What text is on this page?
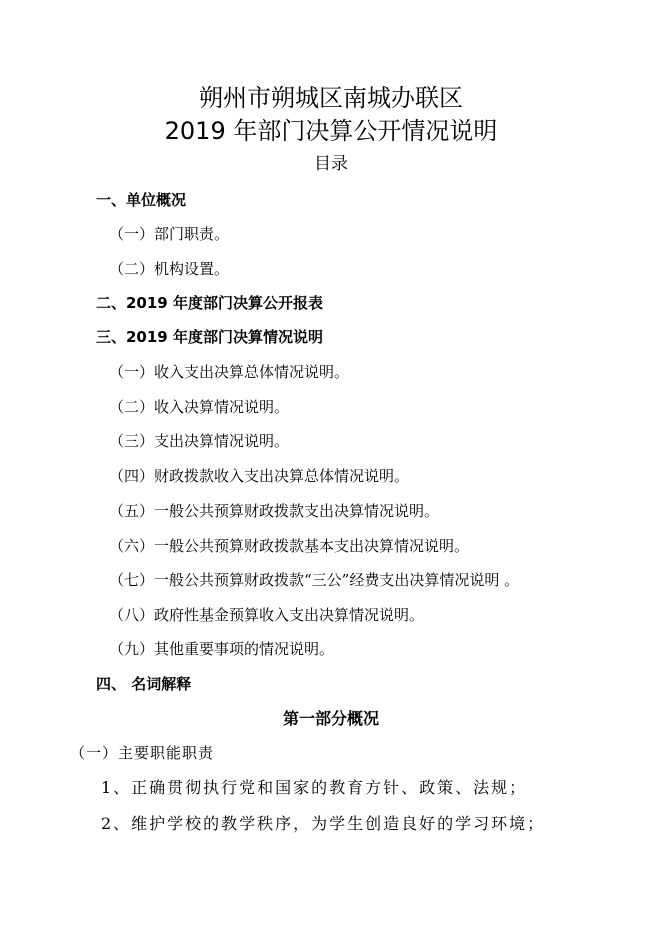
朔州市朔城区南城办联区
2019 年部门决算公开情况说明
目录
一、单位概况
（一）部门职责。
（二）机构设置。
二、2019 年度部门决算公开报表
三、2019 年度部门决算情况说明
（一）收入支出决算总体情况说明。
（二）收入决算情况说明。
（三）支出决算情况说明。
（四）财政拨款收入支出决算总体情况说明。
（五）一般公共预算财政拨款支出决算情况说明。
（六）一般公共预算财政拨款基本支出决算情况说明。
（七）一般公共预算财政拨款“三公”经费支出决算情况说明 。
（八）政府性基金预算收入支出决算情况说明。
（九）其他重要事项的情况说明。
四、 名词解释
第一部分概况
（一）主要职能职责
1、正确贯彻执行党和国家的教育方针、政策、法规；
2、维护学校的教学秩序，为学生创造良好的学习环境；
